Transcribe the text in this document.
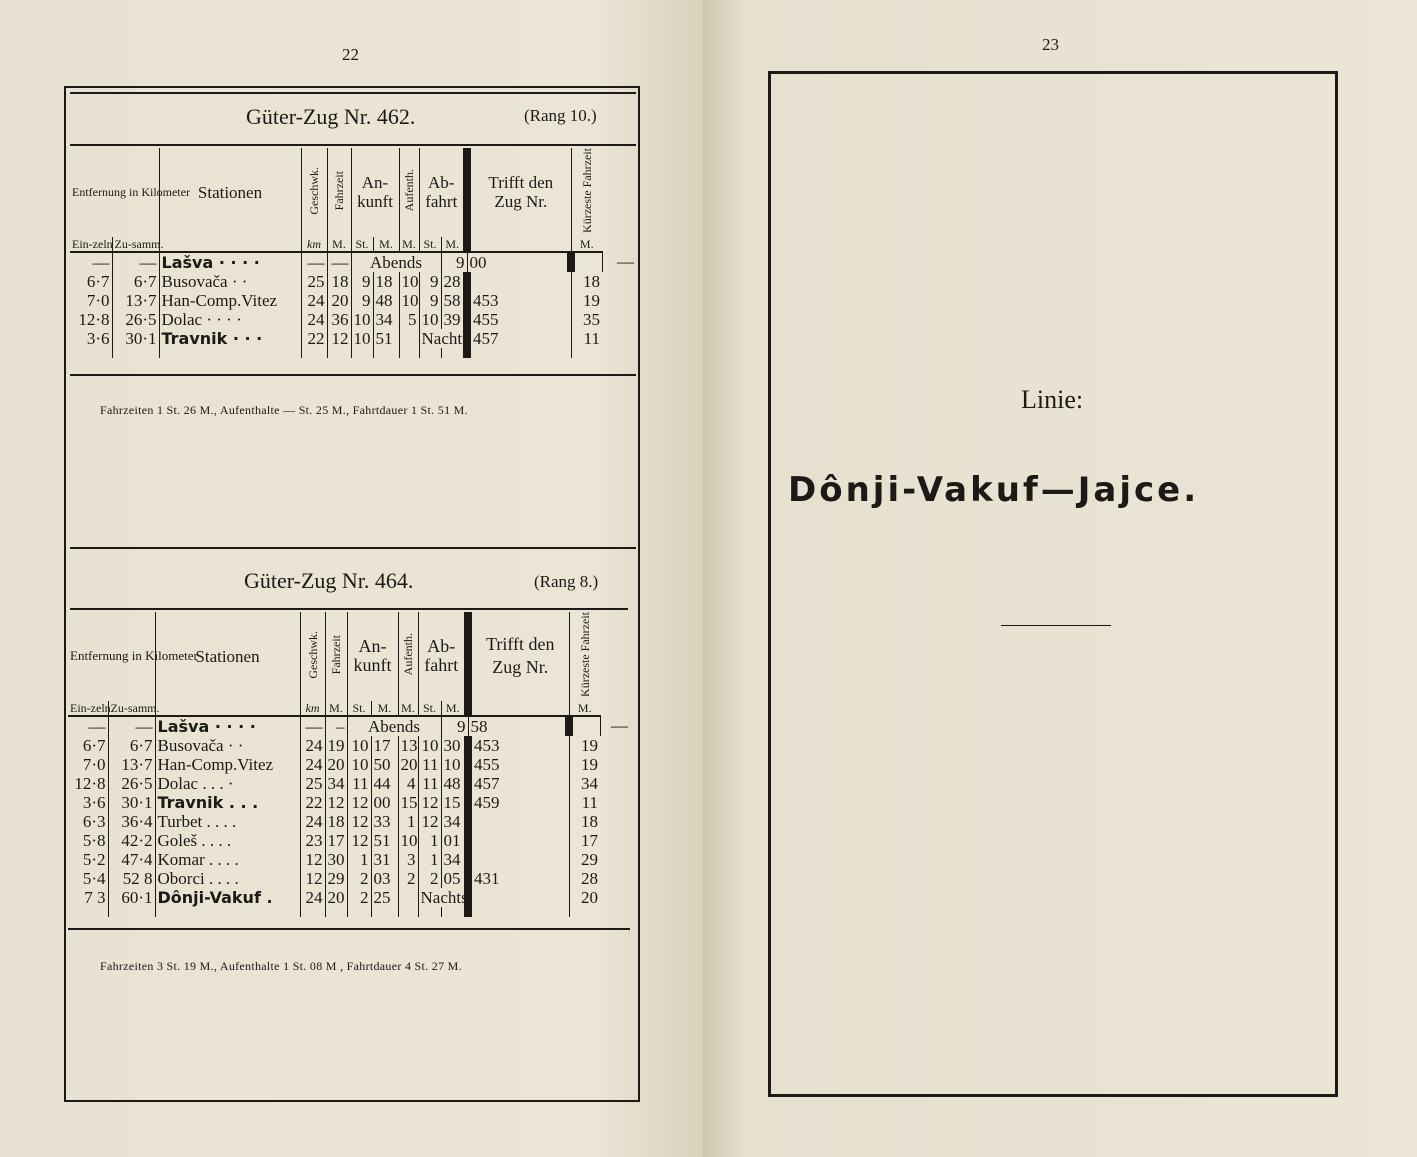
22
Güter-Zug Nr. 462.	(Rang 10.)
Entfernung in Kilometer		Stationen	Geschwk.	Fahrzeit	An-kunft		Aufenth.	Ab-fahrt		Trifft den Zug Nr.	Kürzeste Fahrzeit	
Ein-zeln	Zu-samm.		km	M.	St.	M.	M.	St.	M.		M.	
—	—	Lašva · · · ·	—	—	Abends				9	00		—
6·7	6·7	Busovača · ·	25	18	9	18	10	9	28		18	
7·0	13·7	Han-Comp.Vitez	24	20	9	48	10	9	58	453	19	
12·8	26·5	Dolac · · · ·	24	36	10	34	5	10	39	455	35	
3·6	30·1	Travnik · · ·	22	12	10	51		Nachts		457	11	

Fahrzeiten 1 St. 26 M., Aufenthalte — St. 25 M., Fahrtdauer 1 St. 51 M.
Güter-Zug Nr. 464.	(Rang 8.)
Entfernung in Kilometer		Stationen	Geschwk.	Fahrzeit	An-kunft		Aufenth.	Ab-fahrt		Trifft den Zug Nr.	Kürzeste Fahrzeit	
Ein-zeln	Zu-samm.		km	M.	St.	M.	M.	St.	M.		M.	
—	—	Lašva · · · ·	—	–	Abends				9	58		—
6·7	6·7	Busovača · ·	24	19	10	17	13	10	30	453	19	
7·0	13·7	Han-Comp.Vitez	24	20	10	50	20	11	10	455	19	
12·8	26·5	Dolac . . . ·	25	34	11	44	4	11	48	457	34	
3·6	30·1	Travnik . . .	22	12	12	00	15	12	15	459	11	
6·3	36·4	Turbet . . . .	24	18	12	33	1	12	34		18	
5·8	42·2	Goleš . . . .	23	17	12	51	10	1	01		17	
5·2	47·4	Komar . . . .	12	30	1	31	3	1	34		29	
5·4	52 8	Oborci . . . .	12	29	2	03	2	2	05	431	28	
7 3	60·1	Dônji-Vakuf .	24	20	2	25		Nachts			20	

Fahrzeiten 3 St. 19 M., Aufenthalte 1 St. 08 M , Fahrtdauer 4 St. 27 M.
23
Linie:
Dônji-Vakuf—Jajce.
